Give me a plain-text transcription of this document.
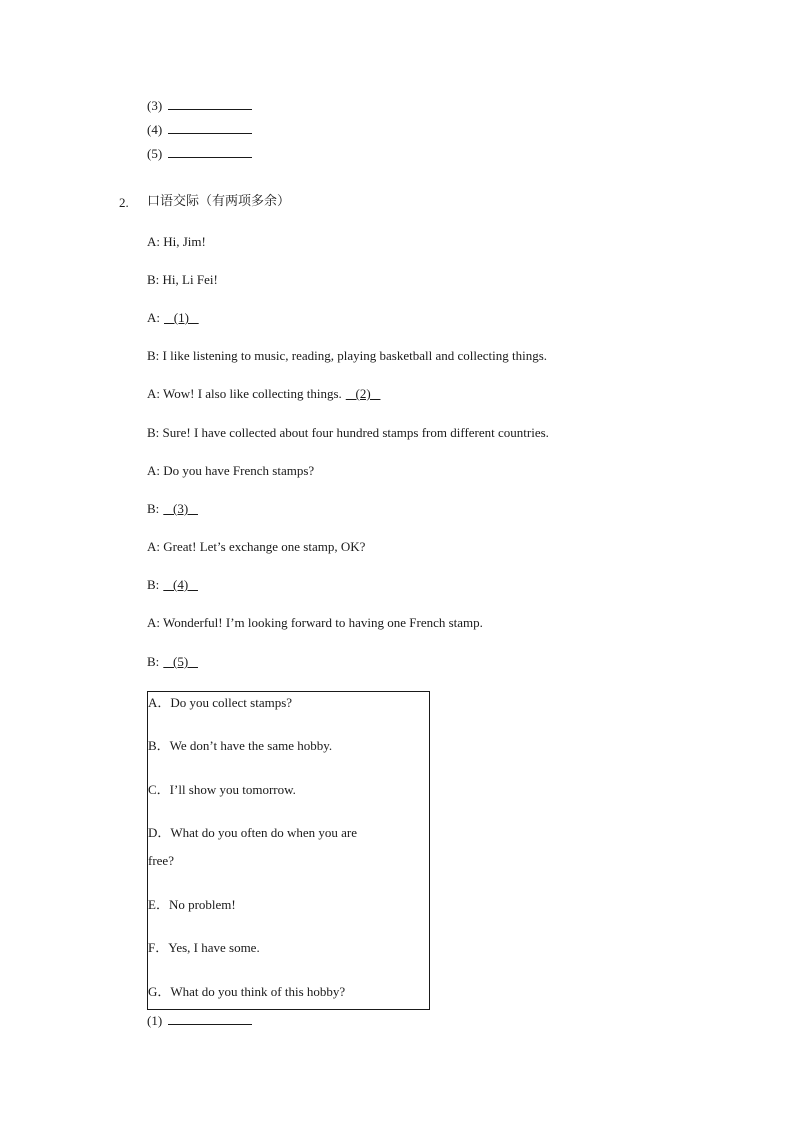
(3)
(4)
(5)
2. 口语交际（有两项多余）
A: Hi, Jim!
B: Hi, Li Fei!
A:   (1)
B: I like listening to music, reading, playing basketball and collecting things.
A: Wow! I also like collecting things.   (2)
B: Sure! I have collected about four hundred stamps from different countries.
A: Do you have French stamps?
B:   (3)
A: Great! Let’s exchange one stamp, OK?
B:   (4)
A: Wonderful! I’m looking forward to having one French stamp.
B:   (5)
A．Do you collect stamps?
B．We don’t have the same hobby.
C．I’ll show you tomorrow.
D．What do you often do when you are
free?
E．No problem!
F．Yes, I have some.
G．What do you think of this hobby?
(1)
